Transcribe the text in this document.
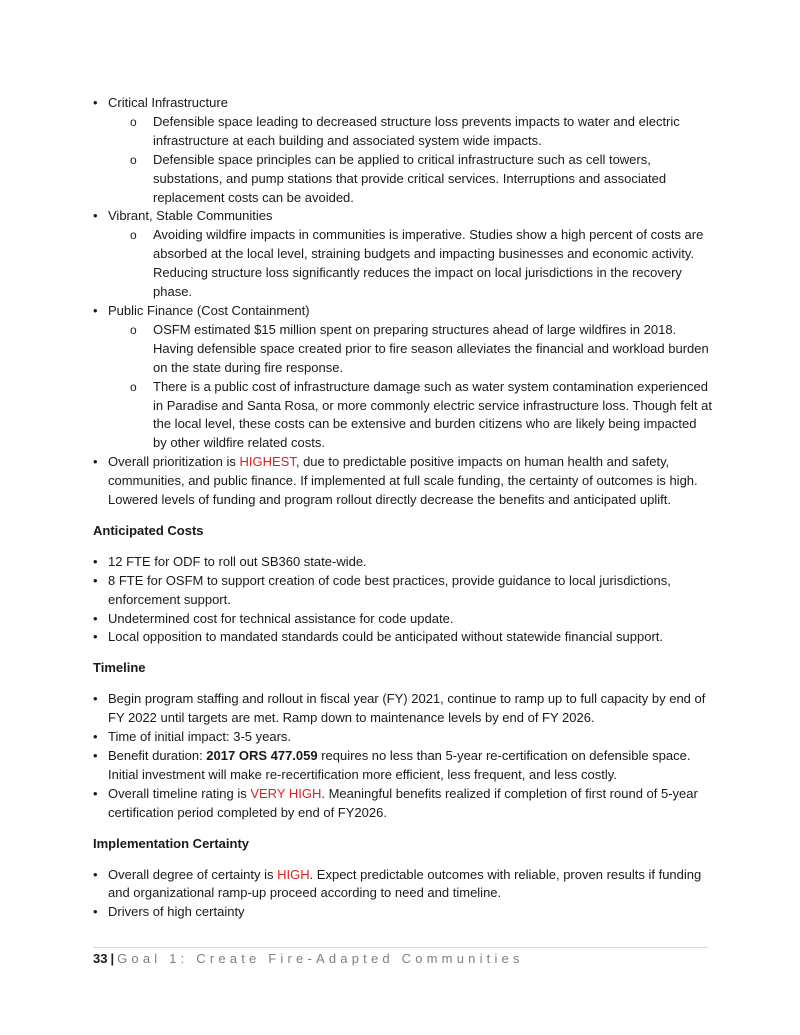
• Critical Infrastructure
o Defensible space leading to decreased structure loss prevents impacts to water and electric infrastructure at each building and associated system wide impacts.
o Defensible space principles can be applied to critical infrastructure such as cell towers, substations, and pump stations that provide critical services. Interruptions and associated replacement costs can be avoided.
• Vibrant, Stable Communities
o Avoiding wildfire impacts in communities is imperative. Studies show a high percent of costs are absorbed at the local level, straining budgets and impacting businesses and economic activity. Reducing structure loss significantly reduces the impact on local jurisdictions in the recovery phase.
• Public Finance (Cost Containment)
o OSFM estimated $15 million spent on preparing structures ahead of large wildfires in 2018. Having defensible space created prior to fire season alleviates the financial and workload burden on the state during fire response.
o There is a public cost of infrastructure damage such as water system contamination experienced in Paradise and Santa Rosa, or more commonly electric service infrastructure loss. Though felt at the local level, these costs can be extensive and burden citizens who are likely being impacted by other wildfire related costs.
• Overall prioritization is HIGHEST, due to predictable positive impacts on human health and safety, communities, and public finance. If implemented at full scale funding, the certainty of outcomes is high. Lowered levels of funding and program rollout directly decrease the benefits and anticipated uplift.
Anticipated Costs
• 12 FTE for ODF to roll out SB360 state-wide.
• 8 FTE for OSFM to support creation of code best practices, provide guidance to local jurisdictions, enforcement support.
• Undetermined cost for technical assistance for code update.
• Local opposition to mandated standards could be anticipated without statewide financial support.
Timeline
• Begin program staffing and rollout in fiscal year (FY) 2021, continue to ramp up to full capacity by end of FY 2022 until targets are met. Ramp down to maintenance levels by end of FY 2026.
• Time of initial impact: 3-5 years.
• Benefit duration: 2017 ORS 477.059 requires no less than 5-year re-certification on defensible space. Initial investment will make re-recertification more efficient, less frequent, and less costly.
• Overall timeline rating is VERY HIGH. Meaningful benefits realized if completion of first round of 5-year certification period completed by end of FY2026.
Implementation Certainty
• Overall degree of certainty is HIGH. Expect predictable outcomes with reliable, proven results if funding and organizational ramp-up proceed according to need and timeline.
• Drivers of high certainty
33 | Goal 1: Create Fire-Adapted Communities
